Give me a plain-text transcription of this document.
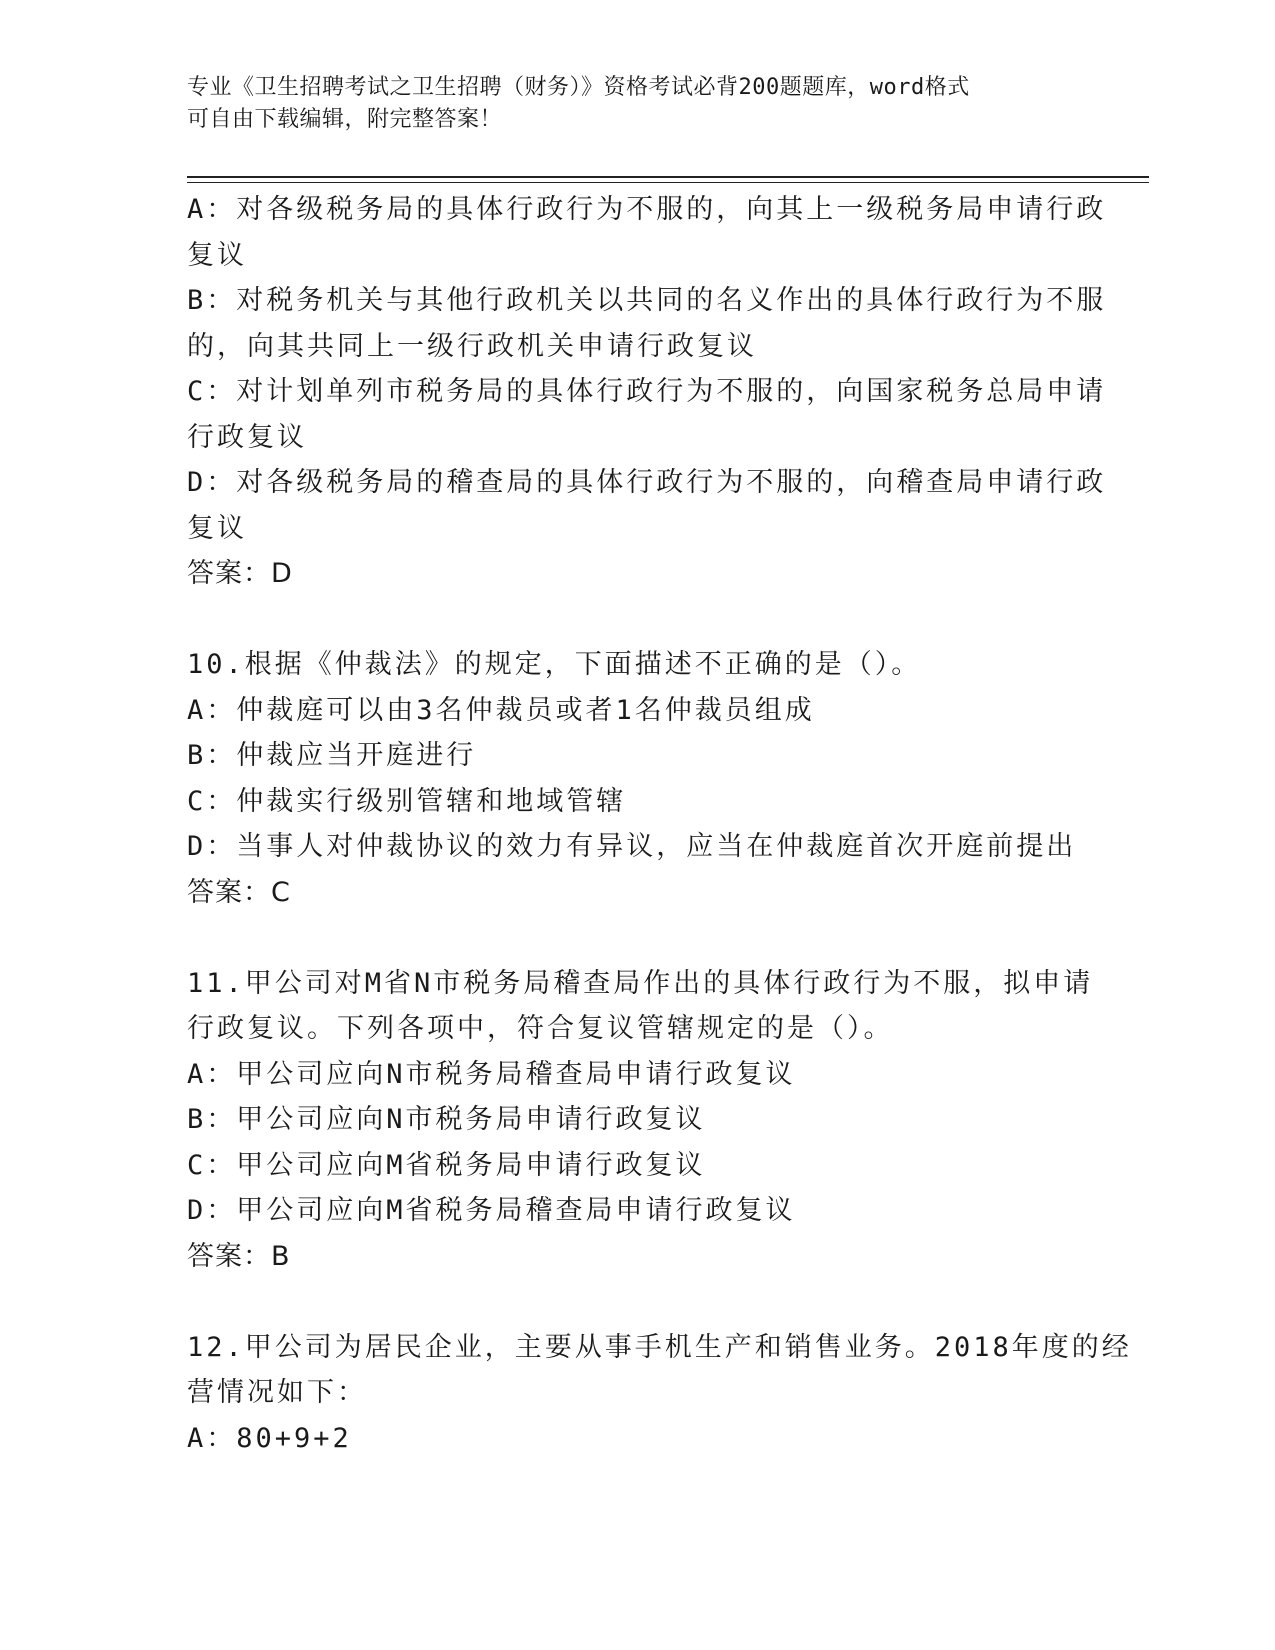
专业《卫生招聘考试之卫生招聘（财务）》资格考试必背200题题库，word格式
可自由下载编辑，附完整答案！
A：对各级税务局的具体行政行为不服的，向其上一级税务局申请行政
复议
B：对税务机关与其他行政机关以共同的名义作出的具体行政行为不服
的，向其共同上一级行政机关申请行政复议
C：对计划单列市税务局的具体行政行为不服的，向国家税务总局申请
行政复议
D：对各级税务局的稽查局的具体行政行为不服的，向稽查局申请行政
复议
答案：D
10.根据《仲裁法》的规定，下面描述不正确的是（）。
A：仲裁庭可以由3名仲裁员或者1名仲裁员组成
B：仲裁应当开庭进行
C：仲裁实行级别管辖和地域管辖
D：当事人对仲裁协议的效力有异议，应当在仲裁庭首次开庭前提出
答案：C
11.甲公司对M省N市税务局稽查局作出的具体行政行为不服，拟申请
行政复议。下列各项中，符合复议管辖规定的是（）。
A：甲公司应向N市税务局稽查局申请行政复议
B：甲公司应向N市税务局申请行政复议
C：甲公司应向M省税务局申请行政复议
D：甲公司应向M省税务局稽查局申请行政复议
答案：B
12.甲公司为居民企业，主要从事手机生产和销售业务。2018年度的经
营情况如下：
A：80+9+2
